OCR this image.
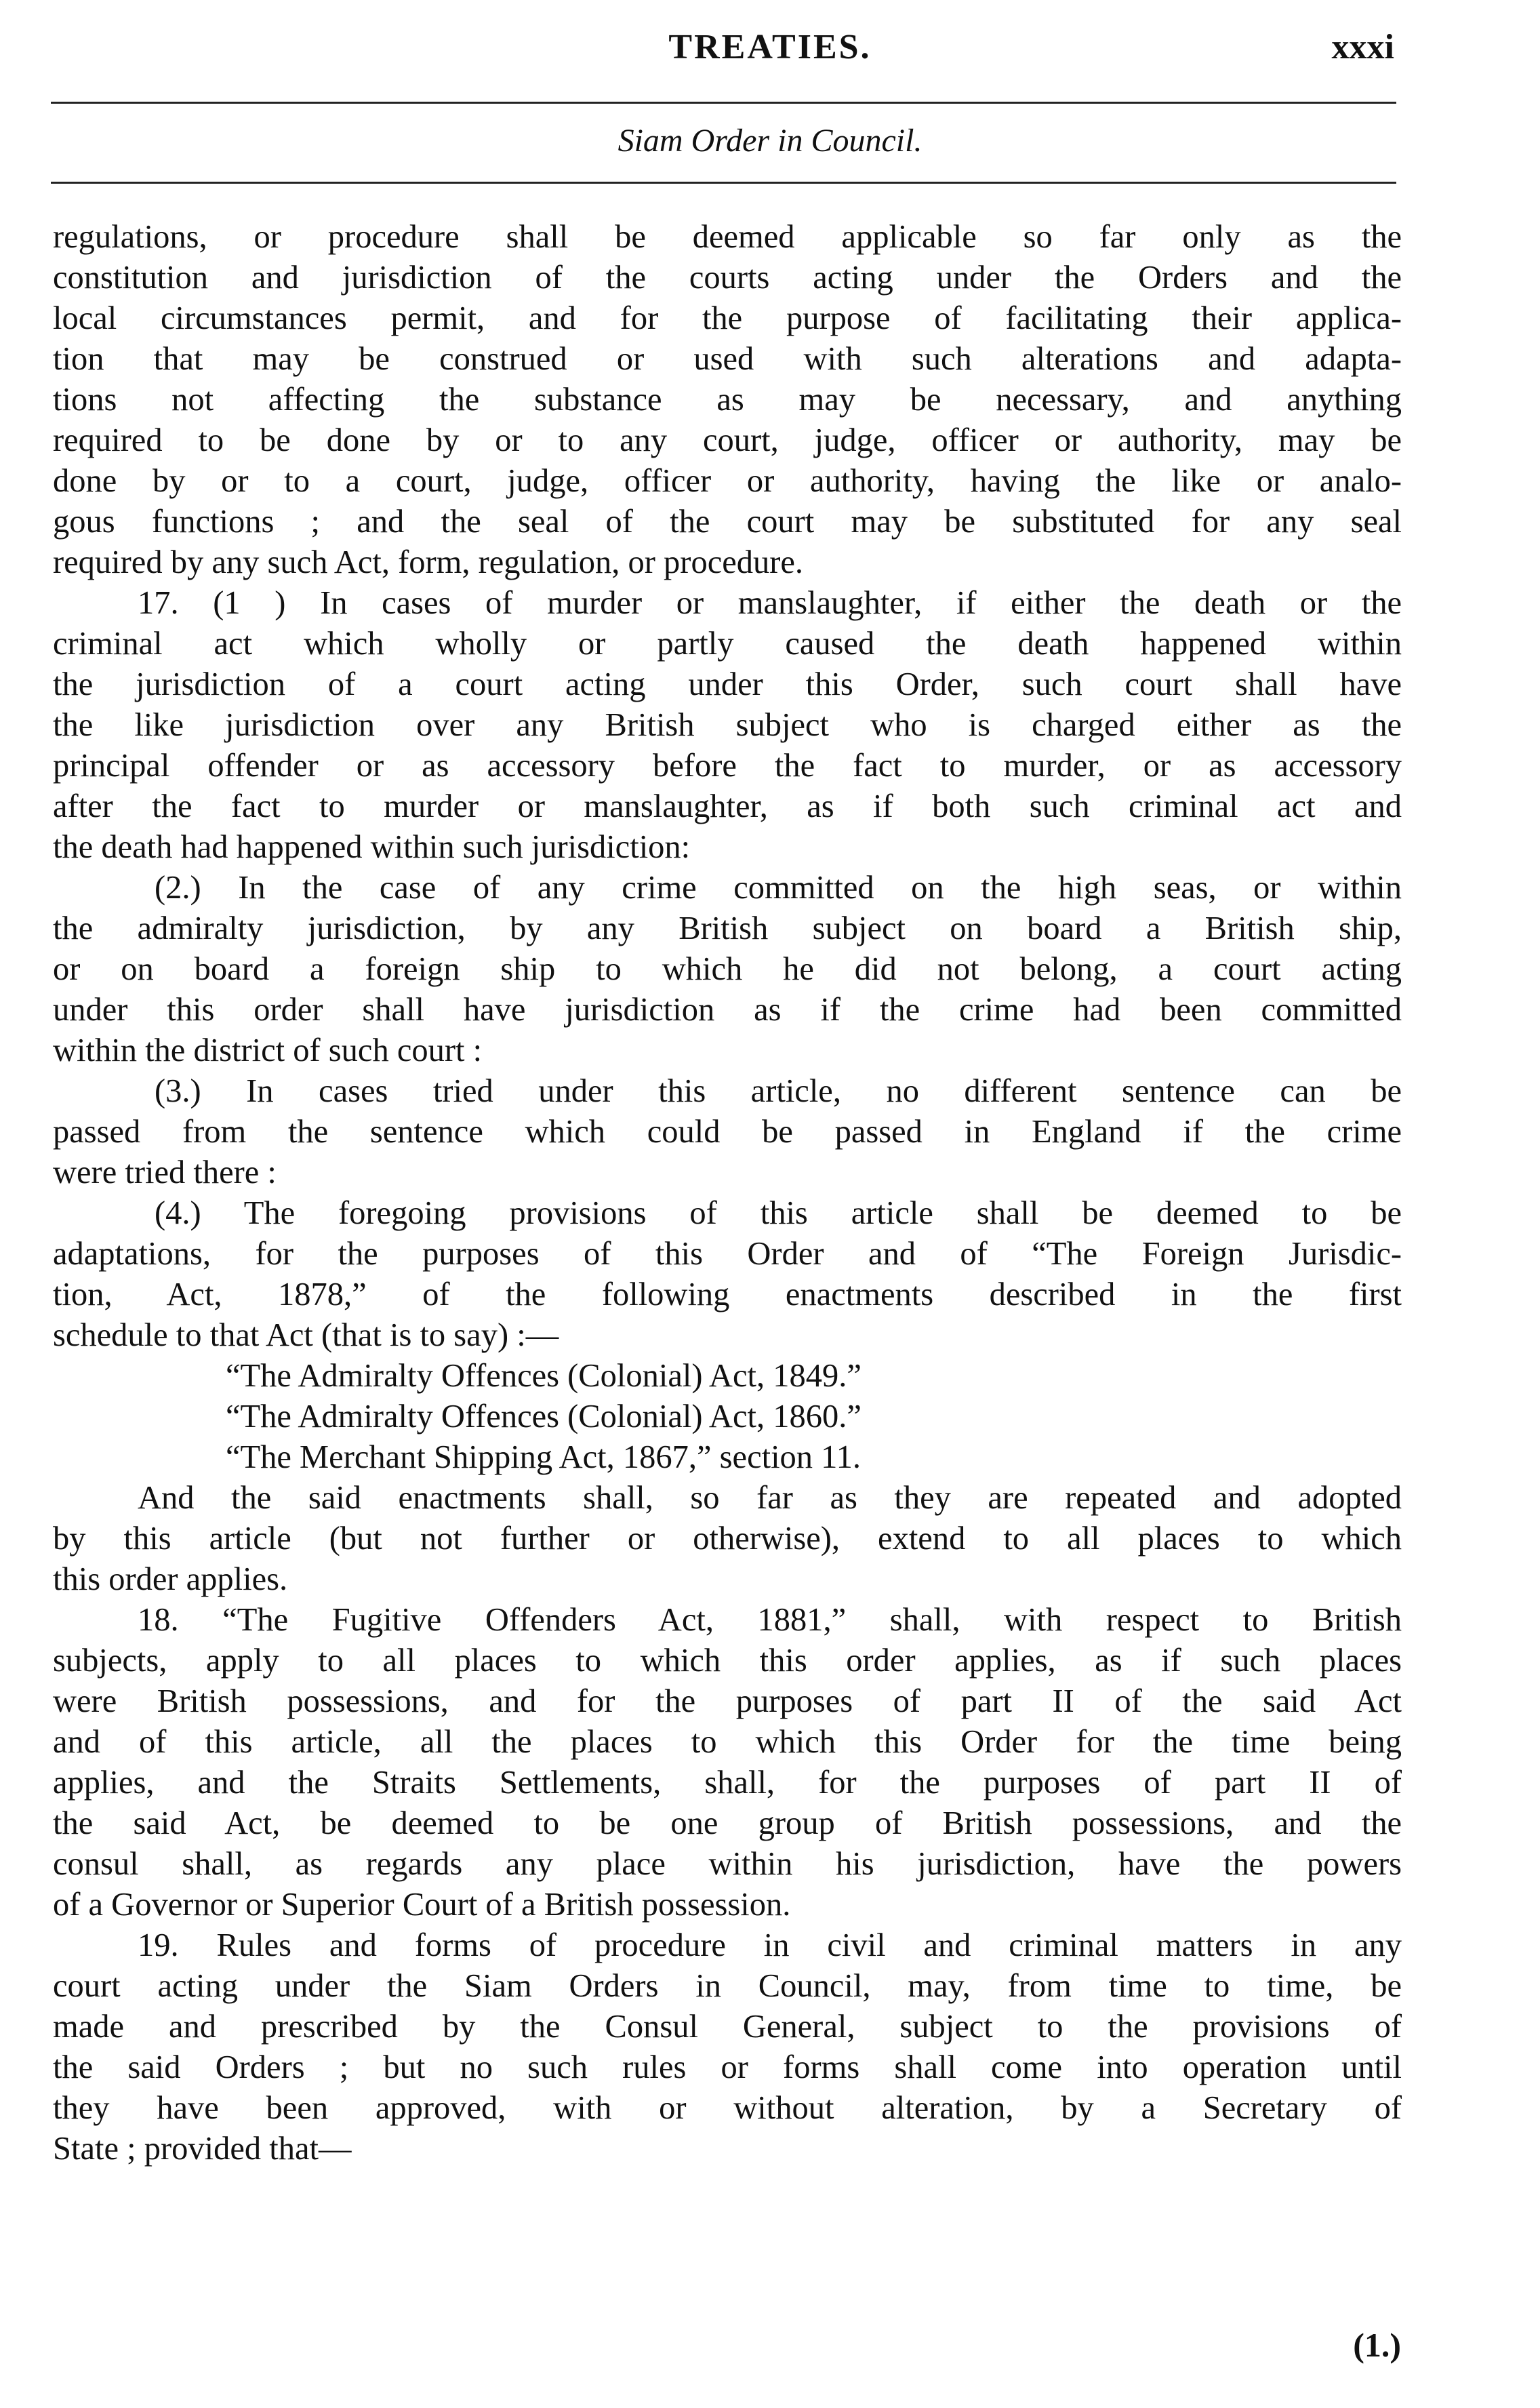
TREATIES.	xxxi
Siam Order in Council.
regulations, or procedure shall be deemed applicable so far only as the
constitution and jurisdiction of the courts acting under the Orders and the
local circumstances permit, and for the purpose of facilitating their applica-
tion that may be construed or used with such alterations and adapta-
tions not affecting the substance as may be necessary, and anything
required to be done by or to any court, judge, officer or authority, may be
done by or to a court, judge, officer or authority, having the like or analo-
gous functions ; and the seal of the court may be substituted for any seal
required by any such Act, form, regulation, or procedure.
17. (1 ) In cases of murder or manslaughter, if either the death or the
criminal act which wholly or partly caused the death happened within
the jurisdiction of a court acting under this Order, such court shall have
the like jurisdiction over any British subject who is charged either as the
principal offender or as accessory before the fact to murder, or as accessory
after the fact to murder or manslaughter, as if both such criminal act and
the death had happened within such jurisdiction:
(2.) In the case of any crime committed on the high seas, or within
the admiralty jurisdiction, by any British subject on board a British ship,
or on board a foreign ship to which he did not belong, a court acting
under this order shall have jurisdiction as if the crime had been committed
within the district of such court :
(3.) In cases tried under this article, no different sentence can be
passed from the sentence which could be passed in England if the crime
were tried there :
(4.) The foregoing provisions of this article shall be deemed to be
adaptations, for the purposes of this Order and of “The Foreign Jurisdic-
tion, Act, 1878,” of the following enactments described in the first
schedule to that Act (that is to say) :—
“The Admiralty Offences (Colonial) Act, 1849.”
“The Admiralty Offences (Colonial) Act, 1860.”
“The Merchant Shipping Act, 1867,” section 11.
And the said enactments shall, so far as they are repeated and adopted
by this article (but not further or otherwise), extend to all places to which
this order applies.
18. “The Fugitive Offenders Act, 1881,” shall, with respect to British
subjects, apply to all places to which this order applies, as if such places
were British possessions, and for the purposes of part II of the said Act
and of this article, all the places to which this Order for the time being
applies, and the Straits Settlements, shall, for the purposes of part II of
the said Act, be deemed to be one group of British possessions, and the
consul shall, as regards any place within his jurisdiction, have the powers
of a Governor or Superior Court of a British possession.
19. Rules and forms of procedure in civil and criminal matters in any
court acting under the Siam Orders in Council, may, from time to time, be
made and prescribed by the Consul General, subject to the provisions of
the said Orders ; but no such rules or forms shall come into operation until
they have been approved, with or without alteration, by a Secretary of
State ; provided that—
(1.)
